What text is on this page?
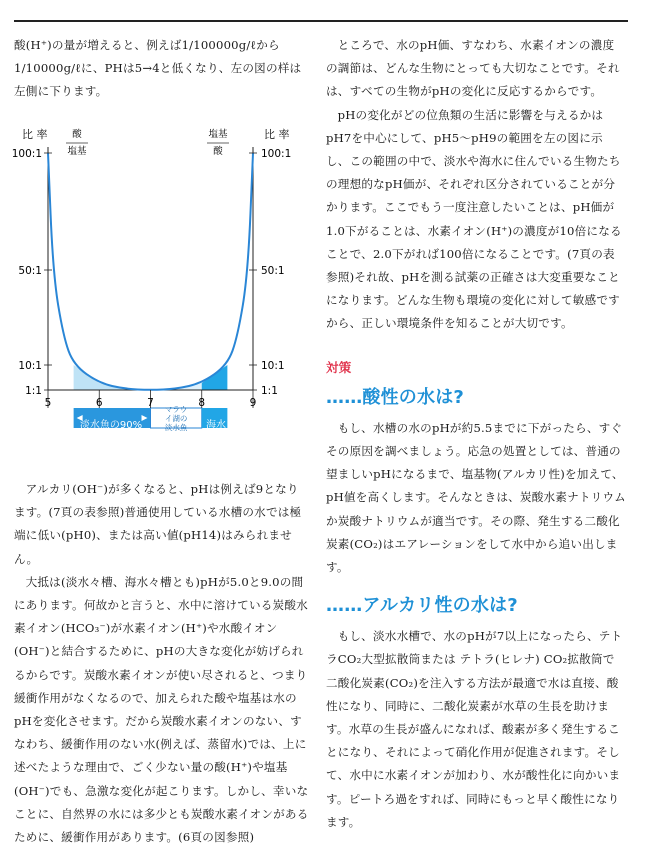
酸(H⁺)の量が増えると、例えば1/100000g/ℓから1/10000g/ℓに、PHは5→4と低くなり、左の図の样は左側に下ります。

5	6	7	8	9
100:1
50:1
10:1
1:1
100:1
50:1
10:1
1:1
比 率	比 率
酸
塩基
塩基
酸
淡水魚の90%
マラウイ湖の淡水魚 海水

アルカリ(OH⁻)が多くなると、pHは例えば9となります。(7頁の表参照)普通使用している水槽の水では極端に低い(pH0)、または高い値(pH14)はみられません。

大抵は(淡水々槽、海水々槽とも)pHが5.0と9.0の間にあります。何故かと言うと、水中に溶けている炭酸水素イオン(HCO₃⁻)が水素イオン(H⁺)や水酸イオン(OH⁻)と結合するために、pHの大きな変化が妨げられるからです。炭酸水素イオンが使い尽されると、つまり緩衝作用がなくなるので、加えられた酸や塩基は水のpHを変化させます。だから炭酸水素イオンのない、すなわち、緩衝作用のない水(例えば、蒸留水)では、上に述べたような理由で、ごく少ない量の酸(H⁺)や塩基(OH⁻)でも、急激な変化が起こります。しかし、幸いなことに、自然界の水には多少とも炭酸水素イオンがあるために、緩衝作用があります。(6頁の図参照)

ところで、水のpH価、すなわち、水素イオンの濃度の調節は、どんな生物にとっても大切なことです。それは、すべての生物がpHの変化に反応するからです。

pHの変化がどの位魚類の生活に影響を与えるかはpH7を中心にして、pH5〜pH9の範囲を左の図に示し、この範囲の中で、淡水や海水に住んでいる生物たちの理想的なpH価が、それぞれ区分されていることが分かります。ここでもう一度注意したいことは、pH価が1.0下がることは、水素イオン(H⁺)の濃度が10倍になることで、2.0下がれば100倍になることです。(7頁の表参照)それ故、pHを測る試薬の正確さは大変重要なことになります。どんな生物も環境の変化に対して敏感ですから、正しい環境条件を知ることが大切です。

対策
……酸性の水は?

もし、水槽の水のpHが約5.5までに下がったら、すぐその原因を調べましょう。応急の処置としては、普通の望ましいpHになるまで、塩基物(アルカリ性)を加えて、pH値を高くします。そんなときは、炭酸水素ナトリウムか炭酸ナトリウムが適当です。その際、発生する二酸化炭素(CO₂)はエアレーションをして水中から追い出します。

……アルカリ性の水は?

もし、淡水水槽で、水のpHが7以上になったら、テトラCO₂大型拡散筒または テトラ(ヒレナ) CO₂拡散筒で二酸化炭素(CO₂)を注入する方法が最適で水は直接、酸性になり、同時に、二酸化炭素が水草の生長を助けます。水草の生長が盛んになれば、酸素が多く発生することになり、それによって硝化作用が促進されます。そして、水中に水素イオンが加わり、水が酸性化に向かいます。ピートろ過をすれば、同時にもっと早く酸性になります。
